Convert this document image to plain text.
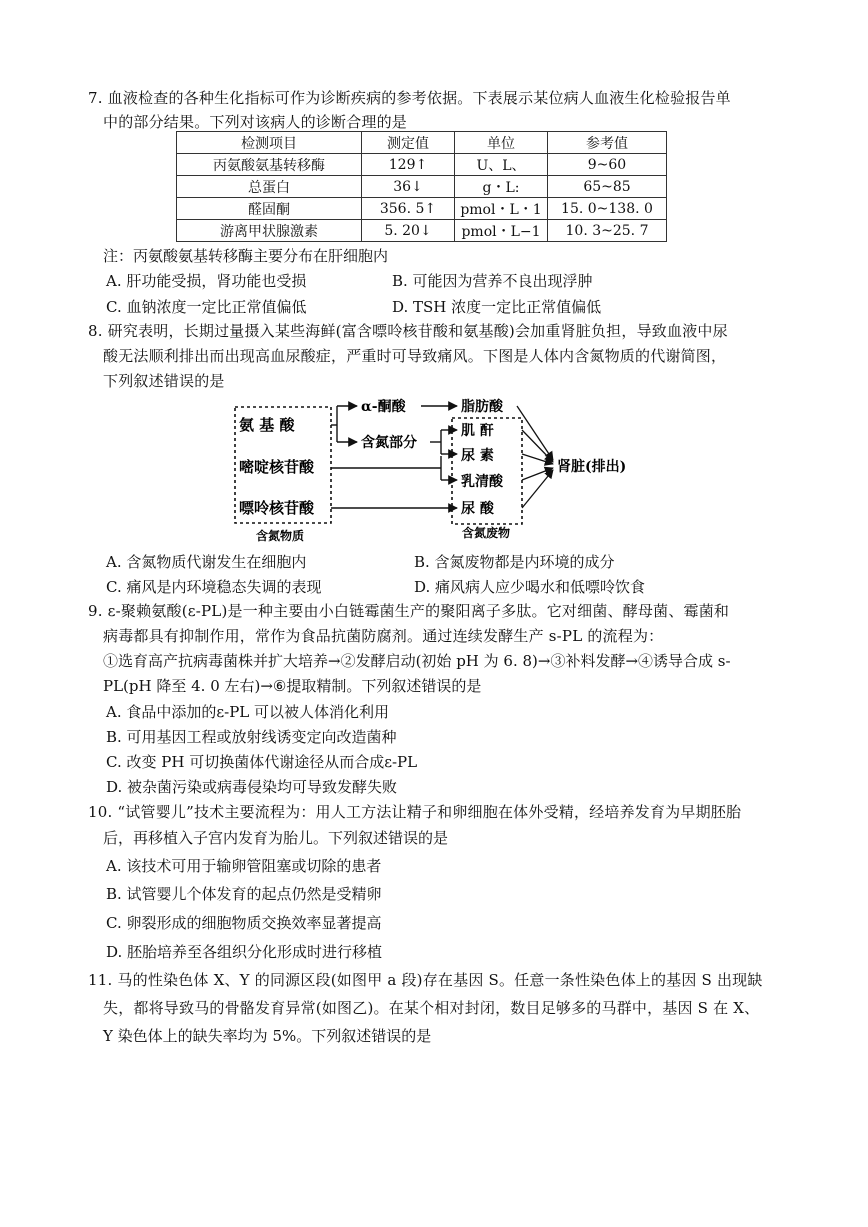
7. 血液检查的各种生化指标可作为诊断疾病的参考依据。下表展示某位病人血液生化检验报告单
中的部分结果。下列对该病人的诊断合理的是
检测项目	测定值	单位	参考值
丙氨酸氨基转移酶	129↑	U、L、	9~60
总蛋白	36↓	g・L:	65~85
醛固酮	356. 5↑	pmol・L・1	15. 0~138. 0
游离甲状腺激素	5. 20↓	pmol・L−1	10. 3~25. 7
注：丙氨酸氨基转移酶主要分布在肝细胞内
A. 肝功能受损，肾功能也受损	B. 可能因为营养不良出现浮肿
C. 血钠浓度一定比正常值偏低	D. TSH 浓度一定比正常值偏低
8. 研究表明，长期过量摄入某些海鲜(富含嘌呤核苷酸和氨基酸)会加重肾脏负担，导致血液中尿
酸无法顺利排出而出现高血尿酸症，严重时可导致痛风。下图是人体内含氮物质的代谢简图，
下列叙述错误的是
氨 基 酸
嘧啶核苷酸
嘌呤核苷酸
含氮物质
α-酮酸
含氮部分
脂肪酸
肌 酐
尿 素
乳清酸
尿 酸
含氮废物
肾脏(排出)
A. 含氮物质代谢发生在细胞内	B. 含氮废物都是内环境的成分
C. 痛风是内环境稳态失调的表现	D. 痛风病人应少喝水和低嘌呤饮食
9. ε-聚赖氨酸(ε-PL)是一种主要由小白链霉菌生产的聚阳离子多肽。它对细菌、酵母菌、霉菌和
病毒都具有抑制作用，常作为食品抗菌防腐剂。通过连续发酵生产 s-PL 的流程为：
①选育高产抗病毒菌株并扩大培养→②发酵启动(初始 pH 为 6. 8)→③补料发酵→④诱导合成 s-
PL(pH 降至 4. 0 左右)→⑥提取精制。下列叙述错误的是
A. 食品中添加的ε-PL 可以被人体消化利用
B. 可用基因工程或放射线诱变定向改造菌种
C. 改变 PH 可切换菌体代谢途径从而合成ε-PL
D. 被杂菌污染或病毒侵染均可导致发酵失败
10. “试管婴儿”技术主要流程为：用人工方法让精子和卵细胞在体外受精，经培养发育为早期胚胎
后，再移植入子宫内发育为胎儿。下列叙述错误的是
A. 该技术可用于输卵管阻塞或切除的患者
B. 试管婴儿个体发育的起点仍然是受精卵
C. 卵裂形成的细胞物质交换效率显著提高
D. 胚胎培养至各组织分化形成时进行移植
11. 马的性染色体 X、Y 的同源区段(如图甲 a 段)存在基因 S。任意一条性染色体上的基因 S 出现缺
失，都将导致马的骨骼发育异常(如图乙)。在某个相对封闭，数目足够多的马群中，基因 S 在 X、
Y 染色体上的缺失率均为 5%。下列叙述错误的是
